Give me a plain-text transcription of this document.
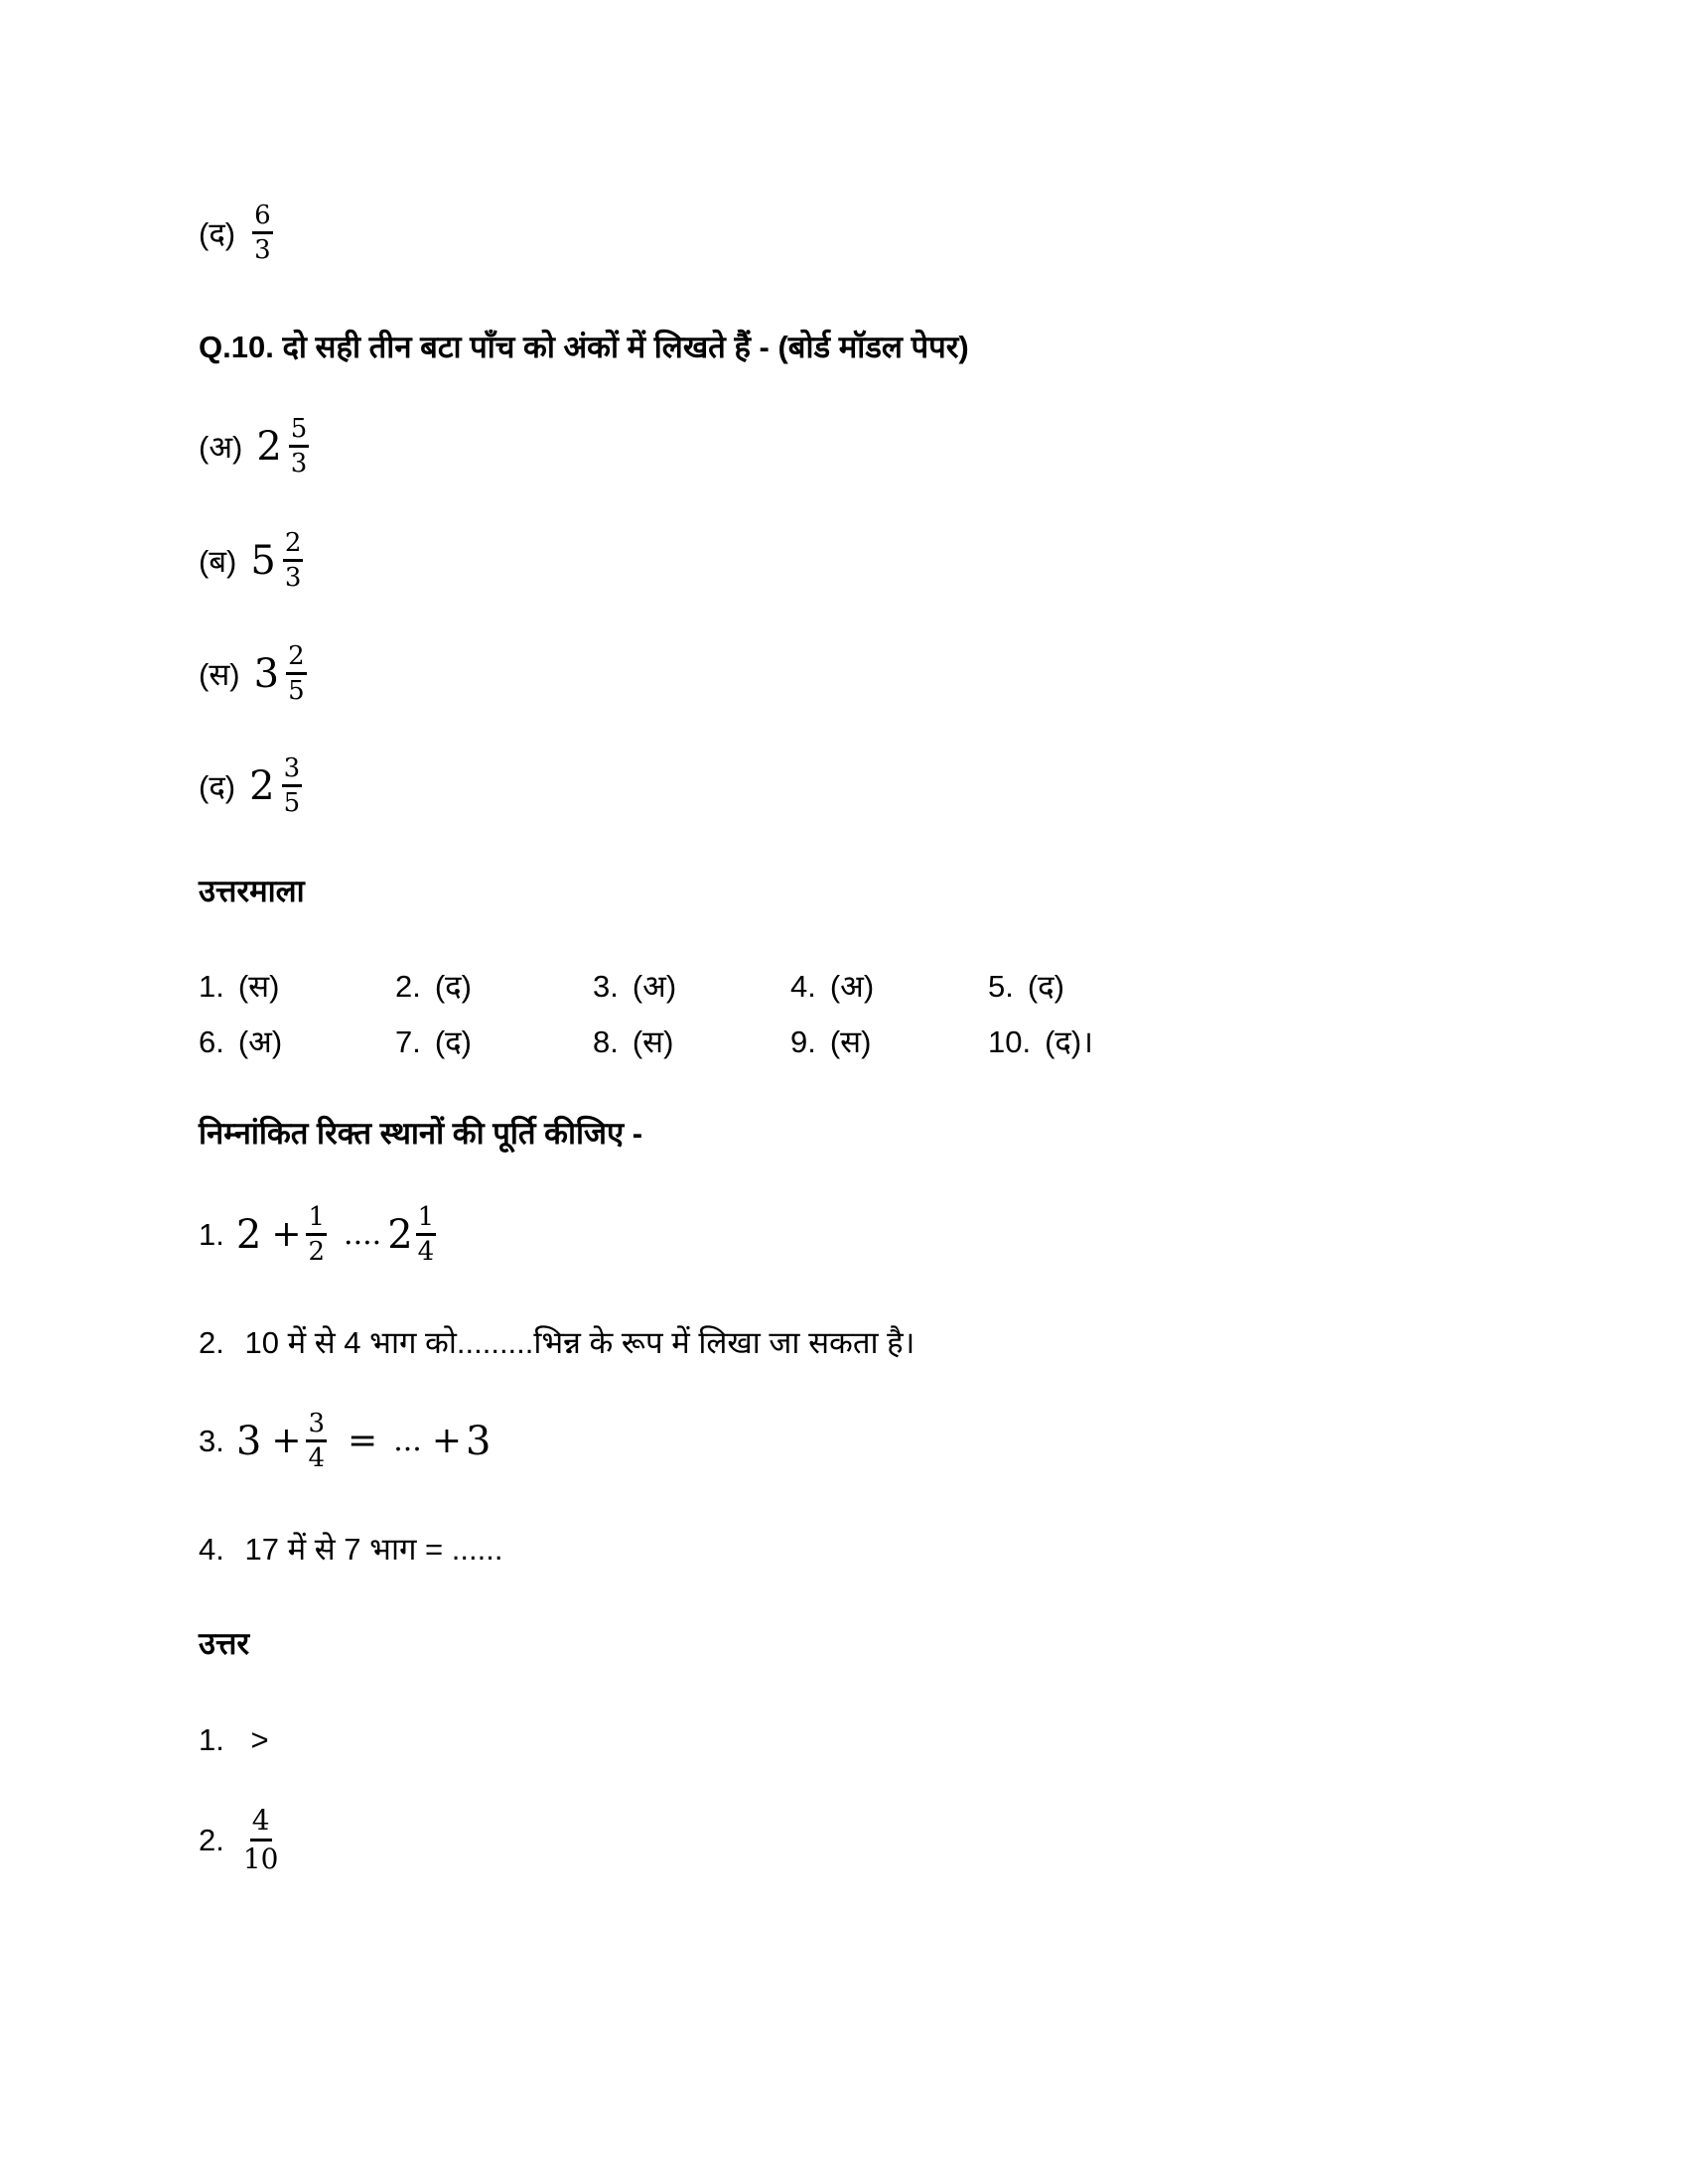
(द) $\frac{6}{3}$
Q.10. दो सही तीन बटा पाँच को अंकों में लिखते हैं - (बोर्ड मॉडल पेपर)
(अ) $2 \frac{5}{3}$
(ब) $5 \frac{2}{3}$
(स) $3 \frac{2}{5}$
(द) $2 \frac{3}{5}$
उत्तरमाला
1. (स)	2. (द)	3. (अ)	4. (अ)	5. (द)
6. (अ)	7. (द)	8. (स)	9. (स)	10. (द)।
निम्नांकित रिक्त स्थानों की पूर्ति कीजिए -
1. $2 + \frac{1}{2}$ .... $2 \frac{1}{4}$
2. 10 में से 4 भाग को.........भिन्न के रूप में लिखा जा सकता है।
3. $3 + \frac{3}{4}$ = ... + 3
4. 17 में से 7 भाग = ......
उत्तर
1. >
2. $\frac{4}{10}$
